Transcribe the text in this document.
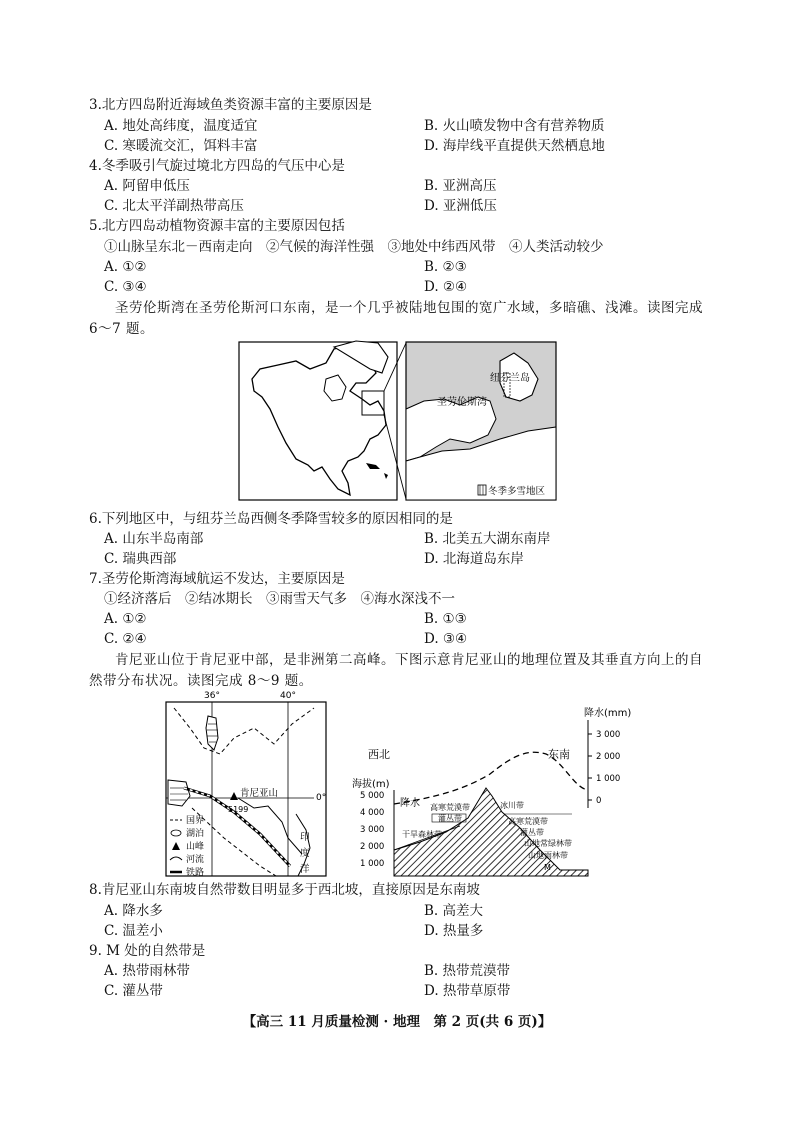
3.北方四岛附近海域鱼类资源丰富的主要原因是
A. 地处高纬度，温度适宜	B. 火山喷发物中含有营养物质
C. 寒暖流交汇，饵料丰富	D. 海岸线平直提供天然栖息地
4.冬季吸引气旋过境北方四岛的气压中心是
A. 阿留申低压	B. 亚洲高压
C. 北太平洋副热带高压	D. 亚洲低压
5.北方四岛动植物资源丰富的主要原因包括
①山脉呈东北－西南走向　②气候的海洋性强　③地处中纬西风带　④人类活动较少
A. ①②	B. ②③
C. ③④	D. ②④
圣劳伦斯湾在圣劳伦斯河口东南，是一个几乎被陆地包围的宽广水域，多暗礁、浅滩。读图完成 6～7 题。
纽芬兰岛
圣劳伦斯湾
冬季多雪地区
6.下列地区中，与纽芬兰岛西侧冬季降雪较多的原因相同的是
A. 山东半岛南部	B. 北美五大湖东南岸
C. 瑞典西部	D. 北海道岛东岸
7.圣劳伦斯湾海域航运不发达，主要原因是
①经济落后　②结冰期长　③雨雪天气多　④海水深浅不一
A. ①②	B. ①③
C. ②④	D. ③④
肯尼亚山位于肯尼亚中部，是非洲第二高峰。下图示意肯尼亚山的地理位置及其垂直方向上的自然带分布状况。读图完成 8～9 题。
36°	40°
0°
肯尼亚山
5199
印
度
洋
国界
湖泊
山峰
河流
铁路
降水(mm)
西北	东南
海拔(m)
5 000
4 000
3 000
2 000
1 000
3 000
2 000
1 000
0
降水	冰川带
高寒荒漠带
灌丛带
干旱森林带
高寒荒漠带
灌丛带
山地常绿林带
山地雨林带
M
8.肯尼亚山东南坡自然带数目明显多于西北坡，直接原因是东南坡
A. 降水多	B. 高差大
C. 温差小	D. 热量多
9. M 处的自然带是
A. 热带雨林带	B. 热带荒漠带
C. 灌丛带	D. 热带草原带
【高三 11 月质量检测 · 地理　第 2 页(共 6 页)】
